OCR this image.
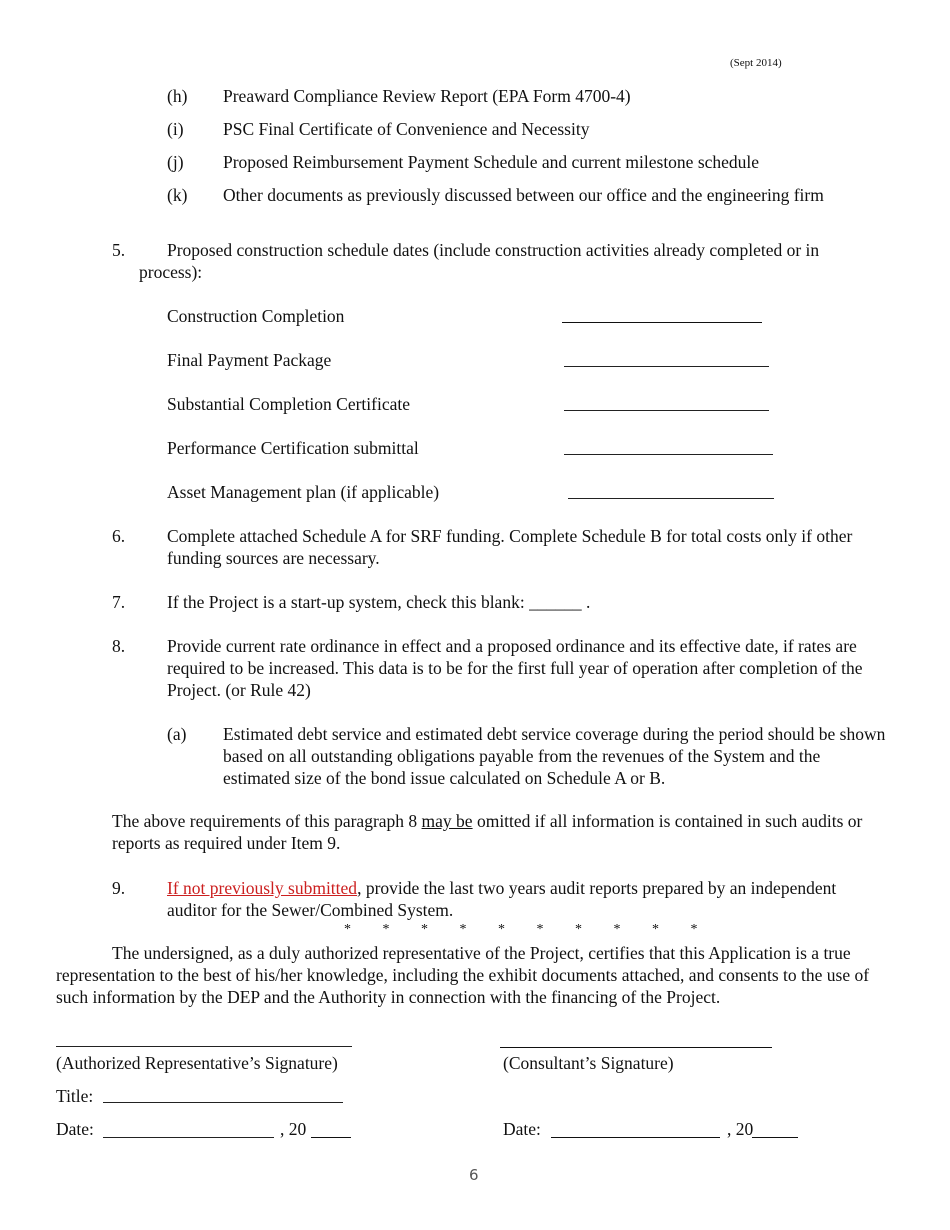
(Sept 2014)
(h) Preaward Compliance Review Report (EPA Form 4700-4)
(i) PSC Final Certificate of Convenience and Necessity
(j) Proposed Reimbursement Payment Schedule and current milestone schedule
(k) Other documents as previously discussed between our office and the engineering firm
5. Proposed construction schedule dates (include construction activities already completed or in
process):
Construction Completion
Final Payment Package
Substantial Completion Certificate
Performance Certification submittal
Asset Management plan (if applicable)
6. Complete attached Schedule A for SRF funding. Complete Schedule B for total costs only if other funding sources are necessary.
7. If the Project is a start-up system, check this blank: ______ .
8. Provide current rate ordinance in effect and a proposed ordinance and its effective date, if rates are required to be increased. This data is to be for the first full year of operation after completion of the Project. (or Rule 42)
(a) Estimated debt service and estimated debt service coverage during the period should be shown based on all outstanding obligations payable from the revenues of the System and the estimated size of the bond issue calculated on Schedule A or B.
The above requirements of this paragraph 8 may be omitted if all information is contained in such audits or reports as required under Item 9.
9. If not previously submitted, provide the last two years audit reports prepared by an independent auditor for the Sewer/Combined System.
* * * * * * * * * *
The undersigned, as a duly authorized representative of the Project, certifies that this Application is a true representation to the best of his/her knowledge, including the exhibit documents attached, and consents to the use of such information by the DEP and the Authority in connection with the financing of the Project.
(Authorized Representative’s Signature)	(Consultant’s Signature)
Title:
Date:	, 20	Date:	, 20
6
